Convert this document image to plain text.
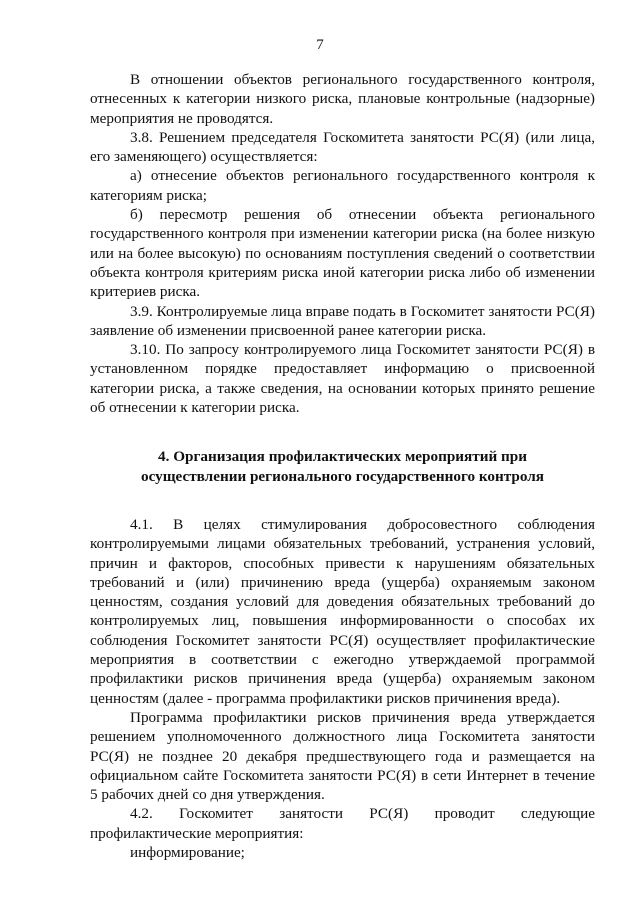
7

В отношении объектов регионального государственного контроля, отнесенных к категории низкого риска, плановые контрольные (надзорные) мероприятия не проводятся.

3.8. Решением председателя Госкомитета занятости РС(Я) (или лица, его заменяющего) осуществляется:

а) отнесение объектов регионального государственного контроля к категориям риска;

б) пересмотр решения об отнесении объекта регионального государственного контроля при изменении категории риска (на более низкую или на более высокую) по основаниям поступления сведений о соответствии объекта контроля критериям риска иной категории риска либо об изменении критериев риска.

3.9. Контролируемые лица вправе подать в Госкомитет занятости РС(Я) заявление об изменении присвоенной ранее категории риска.

3.10. По запросу контролируемого лица Госкомитет занятости РС(Я) в установленном порядке предоставляет информацию о присвоенной категории риска, а также сведения, на основании которых принято решение об отнесении к категории риска.

4. Организация профилактических мероприятий при

осуществлении регионального государственного контроля

4.1. В целях стимулирования добросовестного соблюдения контролируемыми лицами обязательных требований, устранения условий, причин и факторов, способных привести к нарушениям обязательных требований и (или) причинению вреда (ущерба) охраняемым законом ценностям, создания условий для доведения обязательных требований до контролируемых лиц, повышения информированности о способах их соблюдения Госкомитет занятости РС(Я) осуществляет профилактические мероприятия в соответствии с ежегодно утверждаемой программой профилактики рисков причинения вреда (ущерба) охраняемым законом ценностям (далее - программа профилактики рисков причинения вреда).

Программа профилактики рисков причинения вреда утверждается решением уполномоченного должностного лица Госкомитета занятости РС(Я) не позднее 20 декабря предшествующего года и размещается на официальном сайте Госкомитета занятости РС(Я) в сети Интернет в течение 5 рабочих дней со дня утверждения.

4.2. Госкомитет занятости РС(Я) проводит следующие профилактические мероприятия:

информирование;
